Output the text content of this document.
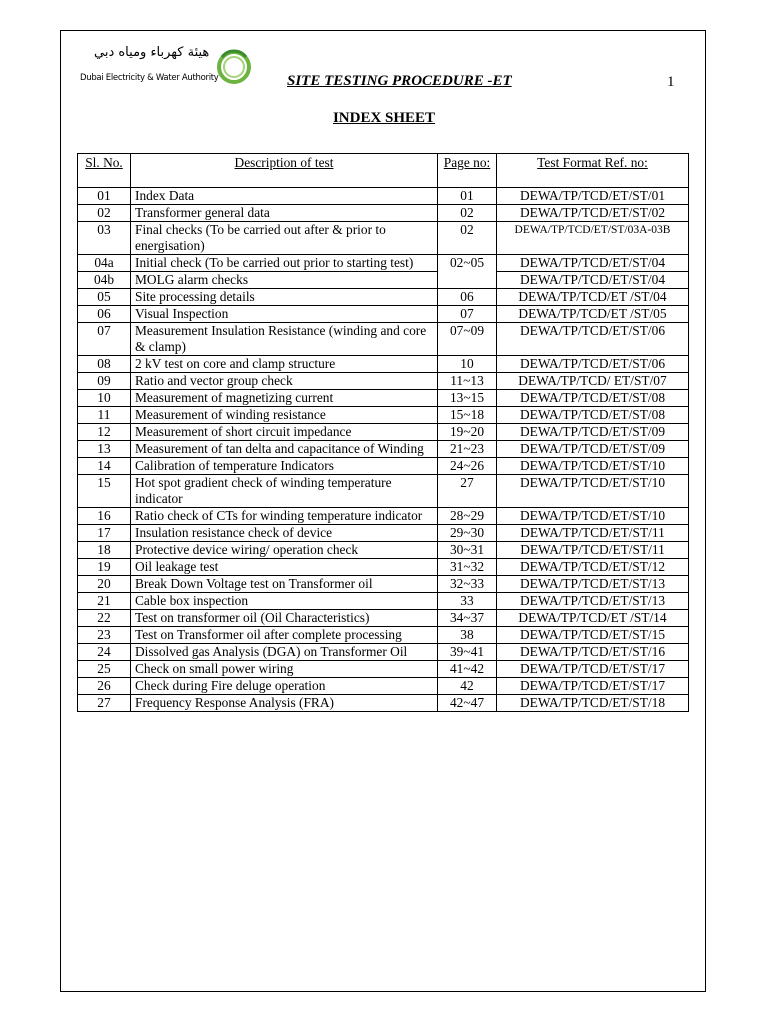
هيئة كهرباء ومياه دبي
Dubai Electricity & Water Authority	SITE TESTING PROCEDURE -ET	1
INDEX SHEET
Sl. No.	Description of test	Page no:	Test Format Ref. no:
01	Index Data	01	DEWA/TP/TCD/ET/ST/01
02	Transformer general data	02	DEWA/TP/TCD/ET/ST/02
03	Final checks (To be carried out after & prior to energisation)	02	DEWA/TP/TCD/ET/ST/03A-03B
04a	Initial check (To be carried out prior to starting test)	02~05	DEWA/TP/TCD/ET/ST/04
04b	MOLG alarm checks		DEWA/TP/TCD/ET/ST/04
05	Site processing details	06	DEWA/TP/TCD/ET /ST/04
06	Visual Inspection	07	DEWA/TP/TCD/ET /ST/05
07	Measurement Insulation Resistance (winding and core & clamp)	07~09	DEWA/TP/TCD/ET/ST/06
08	2 kV test on core and clamp structure	10	DEWA/TP/TCD/ET/ST/06
09	Ratio and vector group check	11~13	DEWA/TP/TCD/ ET/ST/07
10	Measurement of magnetizing current	13~15	DEWA/TP/TCD/ET/ST/08
11	Measurement of winding resistance	15~18	DEWA/TP/TCD/ET/ST/08
12	Measurement of short circuit impedance	19~20	DEWA/TP/TCD/ET/ST/09
13	Measurement of tan delta and capacitance of Winding	21~23	DEWA/TP/TCD/ET/ST/09
14	Calibration of temperature Indicators	24~26	DEWA/TP/TCD/ET/ST/10
15	Hot spot gradient check of winding temperature indicator	27	DEWA/TP/TCD/ET/ST/10
16	Ratio check of CTs for winding temperature indicator	28~29	DEWA/TP/TCD/ET/ST/10
17	Insulation resistance check of device	29~30	DEWA/TP/TCD/ET/ST/11
18	Protective device wiring/ operation check	30~31	DEWA/TP/TCD/ET/ST/11
19	Oil leakage test	31~32	DEWA/TP/TCD/ET/ST/12
20	Break Down Voltage test on Transformer oil	32~33	DEWA/TP/TCD/ET/ST/13
21	Cable box inspection	33	DEWA/TP/TCD/ET/ST/13
22	Test on transformer oil (Oil Characteristics)	34~37	DEWA/TP/TCD/ET /ST/14
23	Test on Transformer oil after complete processing	38	DEWA/TP/TCD/ET/ST/15
24	Dissolved gas Analysis (DGA) on Transformer Oil	39~41	DEWA/TP/TCD/ET/ST/16
25	Check on small power wiring	41~42	DEWA/TP/TCD/ET/ST/17
26	Check during Fire deluge operation	42	DEWA/TP/TCD/ET/ST/17
27	Frequency Response Analysis (FRA)	42~47	DEWA/TP/TCD/ET/ST/18
